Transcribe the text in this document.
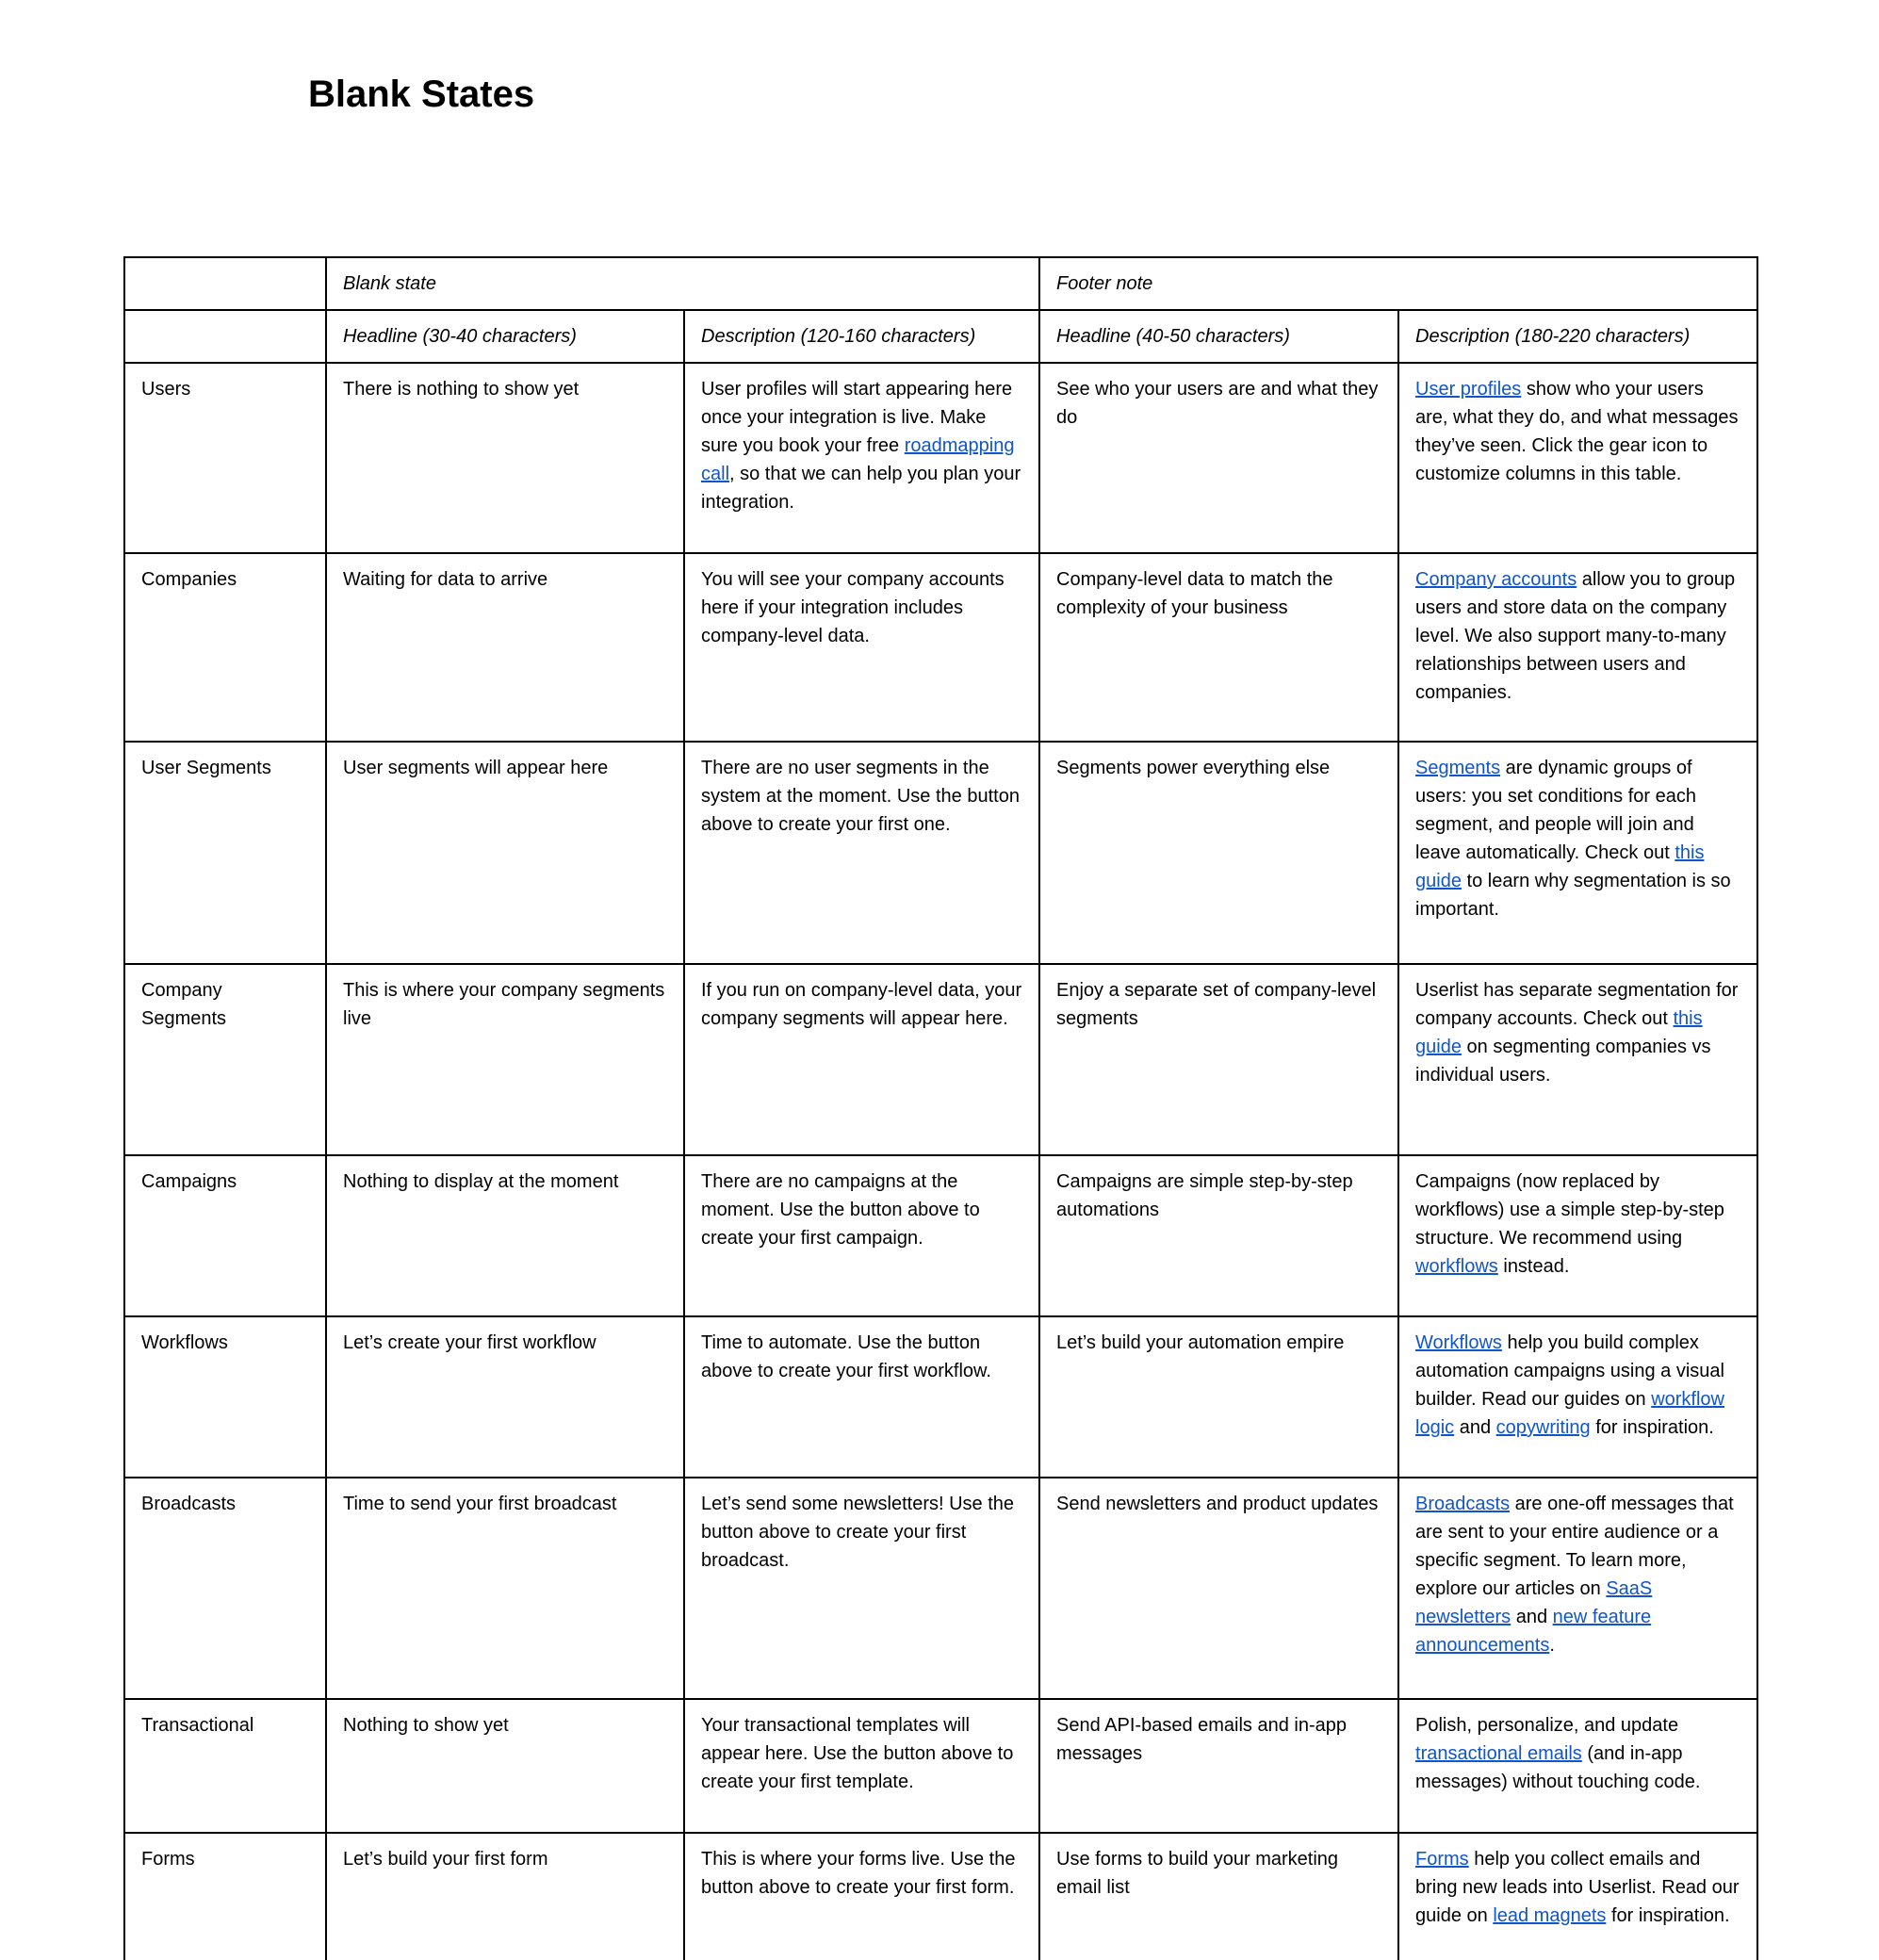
Blank States
	Blank state		Footer note	
	Headline (30-40 characters)	Description (120-160 characters)	Headline (40-50 characters)	Description (180-220 characters)
Users	There is nothing to show yet	User profiles will start appearing here once your integration is live. Make sure you book your free roadmapping call, so that we can help you plan your integration.	See who your users are and what they do	User profiles show who your users are, what they do, and what messages they’ve seen. Click the gear icon to customize columns in this table.
Companies	Waiting for data to arrive	You will see your company accounts here if your integration includes company-level data.	Company-level data to match the complexity of your business	Company accounts allow you to group users and store data on the company level. We also support many-to-many relationships between users and companies.
User Segments	User segments will appear here	There are no user segments in the system at the moment. Use the button above to create your first one.	Segments power everything else	Segments are dynamic groups of users: you set conditions for each segment, and people will join and leave automatically. Check out this guide to learn why segmentation is so important.
Company Segments	This is where your company segments live	If you run on company-level data, your company segments will appear here.	Enjoy a separate set of company-level segments	Userlist has separate segmentation for company accounts. Check out this guide on segmenting companies vs individual users.
Campaigns	Nothing to display at the moment	There are no campaigns at the moment. Use the button above to create your first campaign.	Campaigns are simple step-by-step automations	Campaigns (now replaced by workflows) use a simple step-by-step structure. We recommend using workflows instead.
Workflows	Let’s create your first workflow	Time to automate. Use the button above to create your first workflow.	Let’s build your automation empire	Workflows help you build complex automation campaigns using a visual builder. Read our guides on workflow logic and copywriting for inspiration.
Broadcasts	Time to send your first broadcast	Let’s send some newsletters! Use the button above to create your first broadcast.	Send newsletters and product updates	Broadcasts are one-off messages that are sent to your entire audience or a specific segment. To learn more, explore our articles on SaaS newsletters and new feature announcements.
Transactional	Nothing to show yet	Your transactional templates will appear here. Use the button above to create your first template.	Send API-based emails and in-app messages	Polish, personalize, and update transactional emails (and in-app messages) without touching code.
Forms	Let’s build your first form	This is where your forms live. Use the button above to create your first form.	Use forms to build your marketing email list	Forms help you collect emails and bring new leads into Userlist. Read our guide on lead magnets for inspiration.
